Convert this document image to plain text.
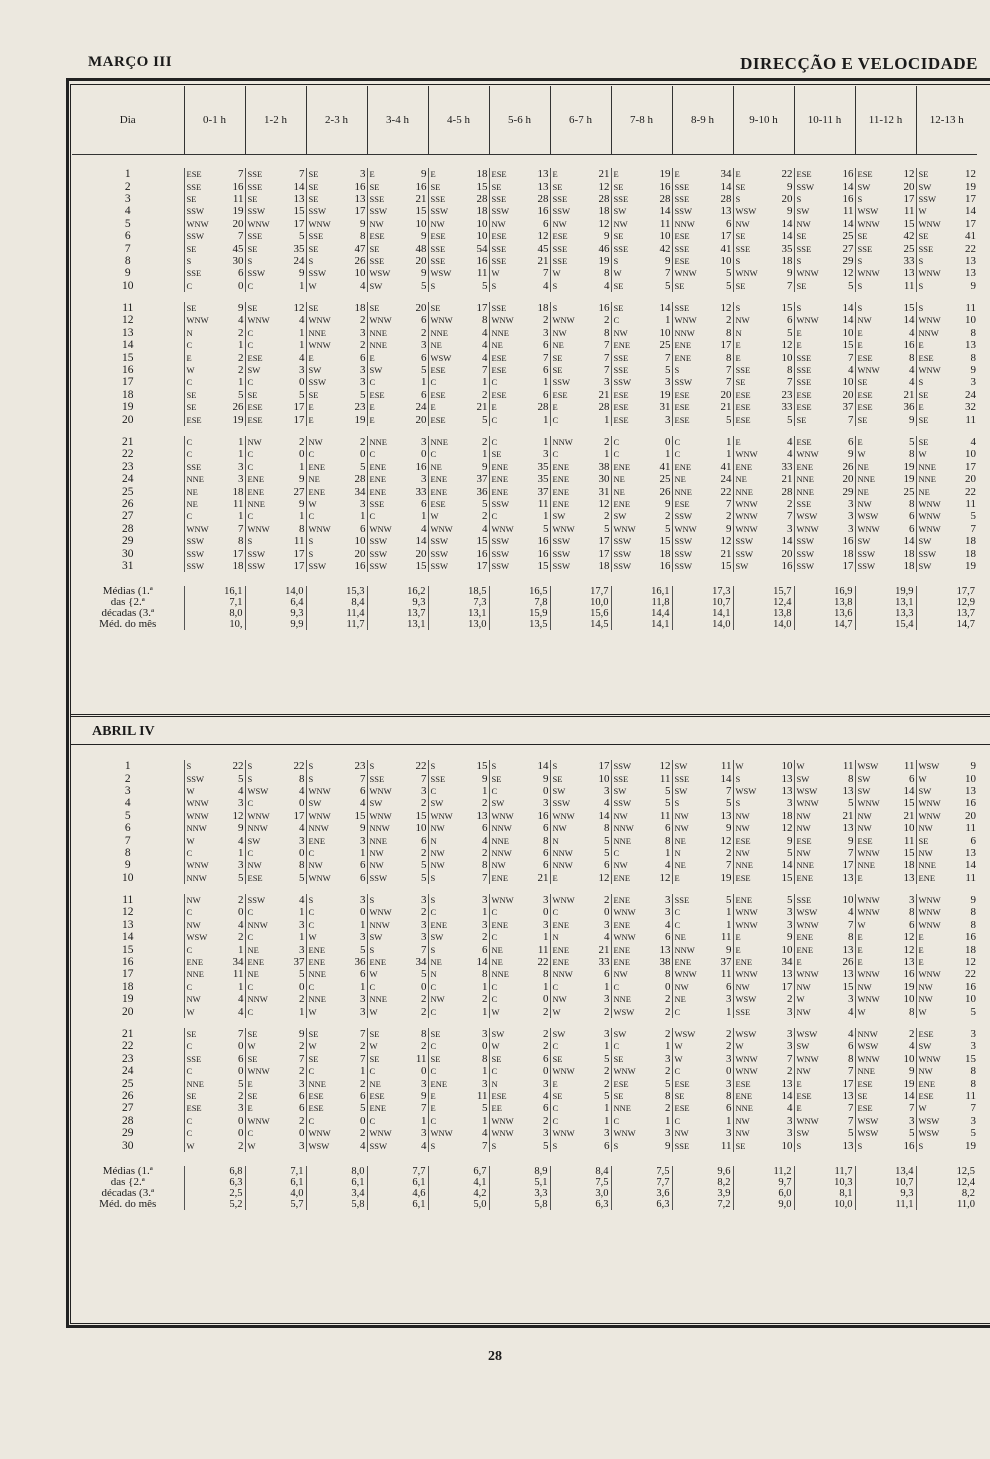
MARÇO III	DIRECÇÃO E VELOCIDADE
Dia	0-1 h	1-2 h	2-3 h	3-4 h	4-5 h	5-6 h	6-7 h	7-8 h	8-9 h	9-10 h	10-11 h	11-12 h	12-13 h
1	ESE	7	SSE	7	SE	3	E	9	E	18	ESE	13	E	21	E	19	E	34	E	22	ESE	16	ESE	12	SE	12
2	SSE	16	SSE	14	SE	16	SE	16	SE	15	SE	13	SE	12	SE	16	SSE	14	SE	9	SSW	14	SW	20	SW	19
3	SE	11	SE	13	SE	13	SSE	21	SSE	28	SSE	28	SSE	28	SSE	28	SSE	28	S	20	S	16	S	17	SSW	17
4	SSW	19	SSW	15	SSW	17	SSW	15	SSW	18	SSW	16	SSW	18	SW	14	SSW	13	WSW	9	SW	11	WSW	11	W	14
5	WNW	20	WNW	17	WNW	9	NW	10	NW	10	NW	6	NW	12	NW	11	NNW	6	NW	14	NW	14	WNW	15	WNW	17
6	SSW	7	SSE	5	SSE	8	ESE	9	ESE	10	ESE	12	ESE	9	SE	10	ESE	17	SE	14	SE	25	SE	42	SE	41
7	SE	45	SE	35	SE	47	SE	48	SSE	54	SSE	45	SSE	46	SSE	42	SSE	41	SSE	35	SSE	27	SSE	25	SSE	22
8	S	30	S	24	S	26	SSE	20	SSE	16	SSE	21	SSE	19	S	9	ESE	10	S	18	S	29	S	33	S	13
9	SSE	6	SSW	9	SSW	10	WSW	9	WSW	11	W	7	W	8	W	7	WNW	5	WNW	9	WNW	12	WNW	13	WNW	13
10	C	0	C	1	W	4	SW	5	S	5	S	4	S	4	SE	5	SE	5	SE	7	SE	5	S	11	S	9

11	SE	9	SE	12	SE	18	SE	20	SE	17	SSE	18	S	16	SE	14	SSE	12	S	15	S	14	S	15	S	11
12	WNW	4	WNW	4	WNW	2	WNW	6	WNW	8	WNW	2	WNW	2	C	1	WNW	2	NW	6	WNW	14	NW	14	WNW	10
13	N	2	C	1	NNE	3	NNE	2	NNE	4	NNE	3	NW	8	NW	10	NNW	8	N	5	E	10	E	4	NNW	8
14	C	1	C	1	WNW	2	NNE	3	NE	4	NE	6	NE	7	ENE	25	ENE	17	E	12	E	15	E	16	E	13
15	E	2	ESE	4	E	6	E	6	WSW	4	ESE	7	SE	7	SSE	7	ENE	8	E	10	SSE	7	ESE	8	ESE	8
16	W	2	SW	3	SW	3	SW	5	ESE	7	ESE	6	SE	7	SSE	5	S	7	SSE	8	SSE	4	WNW	4	WNW	9
17	C	1	C	0	SSW	3	C	1	C	1	C	1	SSW	3	SSW	3	SSW	7	SE	7	SSE	10	SE	4	S	3
18	SE	5	SE	5	SE	5	ESE	6	ESE	2	ESE	6	ESE	21	ESE	19	ESE	20	ESE	23	ESE	20	ESE	21	SE	24
19	SE	26	ESE	17	E	23	E	24	E	21	E	28	E	28	ESE	31	ESE	21	ESE	33	ESE	37	ESE	36	E	32
20	ESE	19	ESE	17	E	19	E	20	ESE	5	C	1	C	1	ESE	3	ESE	5	ESE	5	SE	7	SE	9	SE	11

21	C	1	NW	2	NW	2	NNE	3	NNE	2	C	1	NNW	2	C	0	C	1	E	4	ESE	6	E	5	SE	4
22	C	1	C	0	C	0	C	0	C	1	SE	3	C	1	C	1	C	1	WNW	4	WNW	9	W	8	W	10
23	SSE	3	C	1	ENE	5	ENE	16	NE	9	ENE	35	ENE	38	ENE	41	ENE	41	ENE	33	ENE	26	NE	19	NNE	17
24	NNE	3	ENE	9	NE	28	ENE	3	ENE	37	ENE	35	ENE	30	NE	25	NE	24	NE	21	NNE	20	NNE	19	NNE	20
25	NE	18	ENE	27	ENE	34	ENE	33	ENE	36	ENE	37	ENE	31	NE	26	NNE	22	NNE	28	NNE	29	NE	25	NE	22
26	NE	11	NNE	9	W	3	SSE	6	ESE	5	SSW	11	ENE	12	ENE	9	ESE	7	WNW	2	SSE	3	NW	8	WNW	11
27	C	1	C	1	C	1	C	1	W	2	C	1	SW	2	SW	2	SSW	2	WNW	7	WSW	3	WSW	6	WNW	5
28	WNW	7	WNW	8	WNW	6	WNW	4	WNW	4	WNW	5	WNW	5	WNW	5	WNW	9	WNW	3	WNW	3	WNW	6	WNW	7
29	SSW	8	S	11	S	10	SSW	14	SSW	15	SSW	16	SSW	17	SSW	15	SSW	12	SSW	14	SSW	16	SW	14	SW	18
30	SSW	17	SSW	17	S	20	SSW	20	SSW	16	SSW	16	SSW	17	SSW	18	SSW	21	SSW	20	SSW	18	SSW	18	SSW	18
31	SSW	18	SSW	17	SSW	16	SSW	15	SSW	17	SSW	15	SSW	18	SSW	16	SSW	15	SW	16	SSW	17	SSW	18	SW	19

Médias (1.ª	16,1		14,0		15,3		16,2		18,5		16,5		17,7		16,1		17,3		15,7		16,9		19,9		17,7	
das {2.ª	7,1		6,4		8,4		9,3		7,3		7,8		10,0		11,8		10,7		12,4		13,8		13,1		12,9	
décadas (3.ª	8,0		9,3		11,4		13,7		13,1		15,9		15,6		14,4		14,1		13,8		13,6		13,3		13,7	
Méd. do mês	10,		9,9		11,7		13,1		13,0		13,5		14,5		14,1		14,0		14,0		14,7		15,4		14,7	
ABRIL IV
1	S	22	S	22	S	23	S	22	S	15	S	14	S	17	SSW	12	SW	11	W	10	W	11	WSW	11	WSW	9
2	SSW	5	S	8	S	7	SSE	7	SSE	9	SE	9	SE	10	SSE	11	SSE	14	S	13	SW	8	SW	6	W	10
3	W	4	WSW	4	WNW	6	WNW	3	C	1	C	0	SW	3	SW	5	SW	7	WSW	13	WSW	13	SW	14	SW	13
4	WNW	3	C	0	SW	4	SW	2	SW	2	SW	3	SSW	4	SSW	5	S	5	S	3	WNW	5	WNW	15	WNW	16
5	WNW	12	WNW	17	WNW	15	WNW	15	WNW	13	WNW	16	WNW	14	NW	11	NW	13	NW	18	NW	21	NW	21	WNW	20
6	NNW	9	NNW	4	NNW	9	NNW	10	NW	6	NNW	6	NW	8	NNW	6	NW	9	NW	12	NW	13	NW	10	NW	11
7	W	4	SW	3	ENE	3	NNE	6	N	4	NNE	8	N	5	NNE	8	NE	12	ESE	9	ESE	9	ESE	11	SE	6
8	C	1	C	0	C	1	NW	2	NW	2	NNW	6	NNW	5	C	1	N	2	NW	5	NW	7	WNW	15	NW	13
9	WNW	3	NW	8	NW	6	NW	5	NW	8	NW	6	NNW	6	NW	4	NE	7	NNE	14	NNE	17	NNE	18	NNE	14
10	NNW	5	ESE	5	WNW	6	SSW	5	S	7	ENE	21	E	12	ENE	12	E	19	ESE	15	ENE	13	E	13	ENE	11

11	NW	2	SSW	4	S	3	S	3	S	3	WNW	3	WNW	2	ENE	3	SSE	5	ENE	5	SSE	10	WNW	3	WNW	9
12	C	0	C	1	C	0	WNW	2	C	1	C	0	C	0	WNW	3	C	1	WNW	3	WSW	4	WNW	8	WNW	8
13	NW	4	NNW	3	C	1	NNW	3	ENE	3	ENE	3	ENE	3	ENE	4	C	1	WNW	3	WNW	7	W	6	WNW	8
14	WSW	2	C	1	W	3	SW	3	SW	2	C	1	N	4	WNW	6	NE	11	E	9	ENE	8	E	12	E	16
15	C	1	NE	3	ENE	5	S	7	S	6	NE	11	ENE	21	ENE	13	NNW	9	E	10	ENE	13	E	12	E	18
16	ENE	34	ENE	37	ENE	36	ENE	34	NE	14	NE	22	ENE	33	ENE	38	ENE	37	ENE	34	E	26	E	13	E	12
17	NNE	11	NE	5	NNE	6	W	5	N	8	NNE	8	NNW	6	NW	8	WNW	11	WNW	13	WNW	13	WNW	16	WNW	22
18	C	1	C	0	C	1	C	0	C	1	C	1	C	1	C	0	NW	6	NW	17	NW	15	NW	19	NW	16
19	NW	4	NNW	2	NNE	3	NNE	2	NW	2	C	0	NW	3	NNE	2	NE	3	WSW	2	W	3	WNW	10	NW	10
20	W	4	C	1	W	3	W	2	C	1	W	2	W	2	WSW	2	C	1	SSE	3	NW	4	W	8	W	5

21	SE	7	SE	9	SE	7	SE	8	SE	3	SW	2	SW	3	SW	2	WSW	2	WSW	3	WSW	4	NNW	2	ESE	3
22	C	0	W	2	W	2	W	2	C	0	W	2	C	1	C	1	W	2	W	3	SW	6	WSW	4	SW	3
23	SSE	6	SE	7	SE	7	SE	11	SE	8	SE	6	SE	5	SE	3	W	3	WNW	7	WNW	8	WNW	10	WNW	15
24	C	0	WNW	2	C	1	C	0	C	1	C	0	WNW	2	WNW	2	C	0	WNW	2	NW	7	NNE	9	NW	8
25	NNE	5	E	3	NNE	2	NE	3	ENE	3	N	3	E	2	ESE	5	ESE	3	ESE	13	E	17	ESE	19	ENE	8
26	SE	2	SE	6	ESE	6	ESE	9	E	11	ESE	4	SE	5	SE	8	SE	8	ENE	14	ESE	13	SE	14	ESE	11
27	ESE	3	E	6	ESE	5	ENE	7	E	5	EE	6	C	1	NNE	2	ESE	6	NNE	4	E	7	ESE	7	W	7
28	C	0	WNW	2	C	0	C	1	C	1	WNW	2	C	1	C	1	C	1	NW	3	WNW	7	WSW	3	WSW	3
29	C	0	C	0	WNW	2	WNW	3	WNW	4	WNW	3	WNW	3	WNW	3	NW	3	NW	3	SW	5	WSW	5	WSW	5
30	W	2	W	3	WSW	4	SSW	4	S	7	S	5	S	6	S	9	SSE	11	SE	10	S	13	S	16	S	19

Médias (1.ª	6,8		7,1		8,0		7,7		6,7		8,9		8,4		7,5		9,6		11,2		11,7		13,4		12,5	
das {2.ª	6,3		6,1		6,1		6,1		4,1		5,1		7,5		7,7		8,2		9,7		10,3		10,7		12,4	
décadas (3.ª	2,5		4,0		3,4		4,6		4,2		3,3		3,0		3,6		3,9		6,0		8,1		9,3		8,2	
Méd. do mês	5,2		5,7		5,8		6,1		5,0		5,8		6,3		6,3		7,2		9,0		10,0		11,1		11,0	
28
